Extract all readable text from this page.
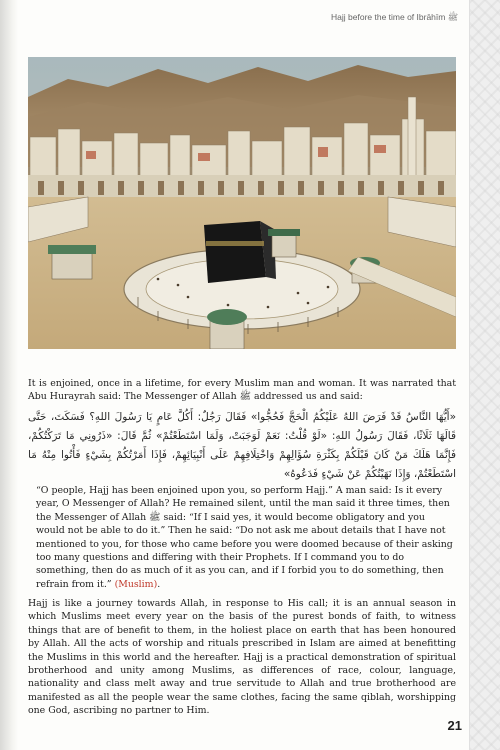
Hajj before the time of Ibrāhīm ﷺ

It is enjoined, once in a lifetime, for every Muslim man and woman. It was narrated that Abu Hurayrah said: The Messenger of Allah ﷺ addressed us and said:

«أَيُّهَا النَّاسُ قَدْ فَرَضَ اللهُ عَلَيْكُمُ الْحَجَّ فَحُجُّوا» فَقَالَ رَجُلٌ: أَكُلَّ عَامٍ يَا رَسُولَ اللهِ؟ فَسَكَتَ، حَتَّى قَالَهَا ثَلَاثًا، فَقَالَ رَسُولُ اللهِ: «لَوْ قُلْتُ: نَعَمْ لَوَجَبَتْ، وَلَمَا اسْتَطَعْتُمْ» ثُمَّ قَالَ: «ذَرُونِي مَا تَرَكْتُكُمْ، فَإِنَّمَا هَلَكَ مَنْ كَانَ قَبْلَكُمْ بِكَثْرَةِ سُؤَالِهِمْ وَاخْتِلَافِهِمْ عَلَى أَنْبِيَائِهِمْ، فَإِذَا أَمَرْتُكُمْ بِشَيْءٍ فَأْتُوا مِنْهُ مَا اسْتَطَعْتُمْ، وَإِذَا نَهَيْتُكُمْ عَنْ شَيْءٍ فَدَعُوهُ»

“O people, Hajj has been enjoined upon you, so perform Hajj.” A man said: Is it every year, O Messenger of Allah? He remained silent, until the man said it three times, then the Messenger of Allah ﷺ said: “If I said yes, it would become obligatory and you would not be able to do it.” Then he said: “Do not ask me about details that I have not mentioned to you, for those who came before you were doomed because of their asking too many questions and differing with their Prophets. If I command you to do something, then do as much of it as you can, and if I forbid you to do something, then refrain from it.” (Muslim).

Hajj is like a journey towards Allah, in response to His call; it is an annual season in which Muslims meet every year on the basis of the purest bonds of faith, to witness things that are of benefit to them, in the holiest place on earth that has been honoured by Allah. All the acts of worship and rituals prescribed in Islam are aimed at benefitting the Muslims in this world and the hereafter. Hajj is a practical demonstration of spiritual brotherhood and unity among Muslims, as differences of race, colour, language, nationality and class melt away and true servitude to Allah and true brotherhood are manifested as all the people wear the same clothes, facing the same qiblah, worshipping one God, ascribing no partner to Him.

21
